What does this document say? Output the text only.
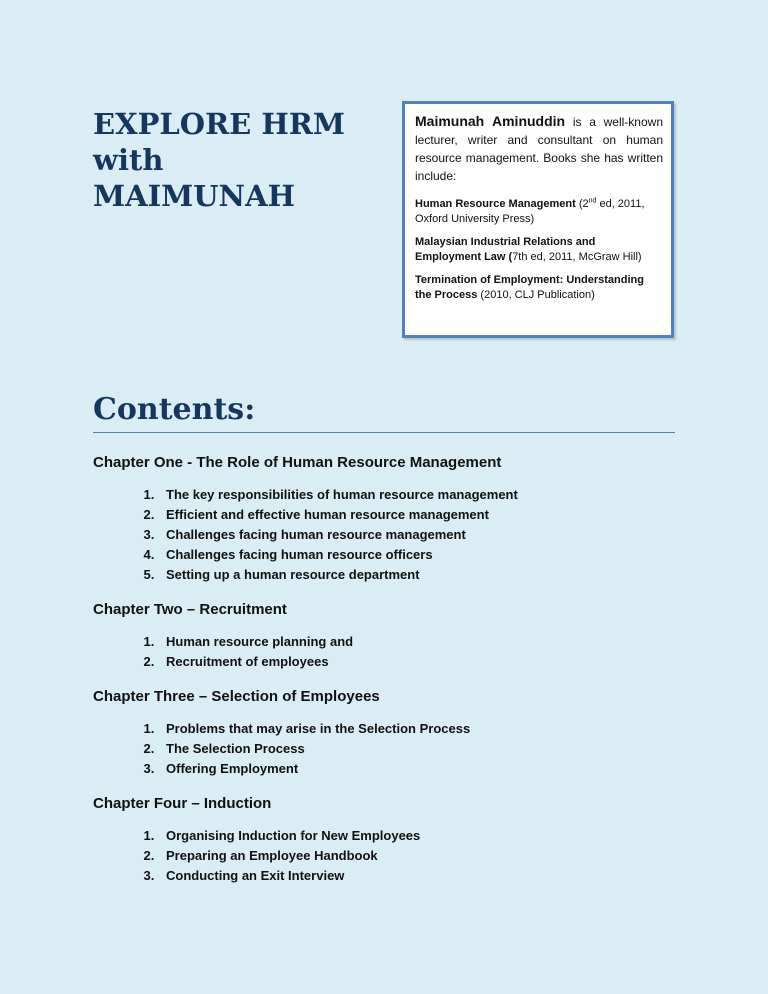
EXPLORE HRM
with
MAIMUNAH

Maimunah Aminuddin is a well-known lecturer, writer and consultant on human resource management. Books she has written include:

Human Resource Management (2nd ed, 2011, Oxford University Press)

Malaysian Industrial Relations and Employment Law (7th ed, 2011, McGraw Hill)

Termination of Employment: Understanding the Process (2010, CLJ Publication)

Contents:

Chapter One - The Role of Human Resource Management

1. The key responsibilities of human resource management
2. Efficient and effective human resource management
3. Challenges facing human resource management
4. Challenges facing human resource officers
5. Setting up a human resource department

Chapter Two – Recruitment

1. Human resource planning and
2. Recruitment of employees

Chapter Three – Selection of Employees

1. Problems that may arise in the Selection Process
2. The Selection Process
3. Offering Employment

Chapter Four – Induction

1. Organising Induction for New Employees
2. Preparing an Employee Handbook
3. Conducting an Exit Interview
